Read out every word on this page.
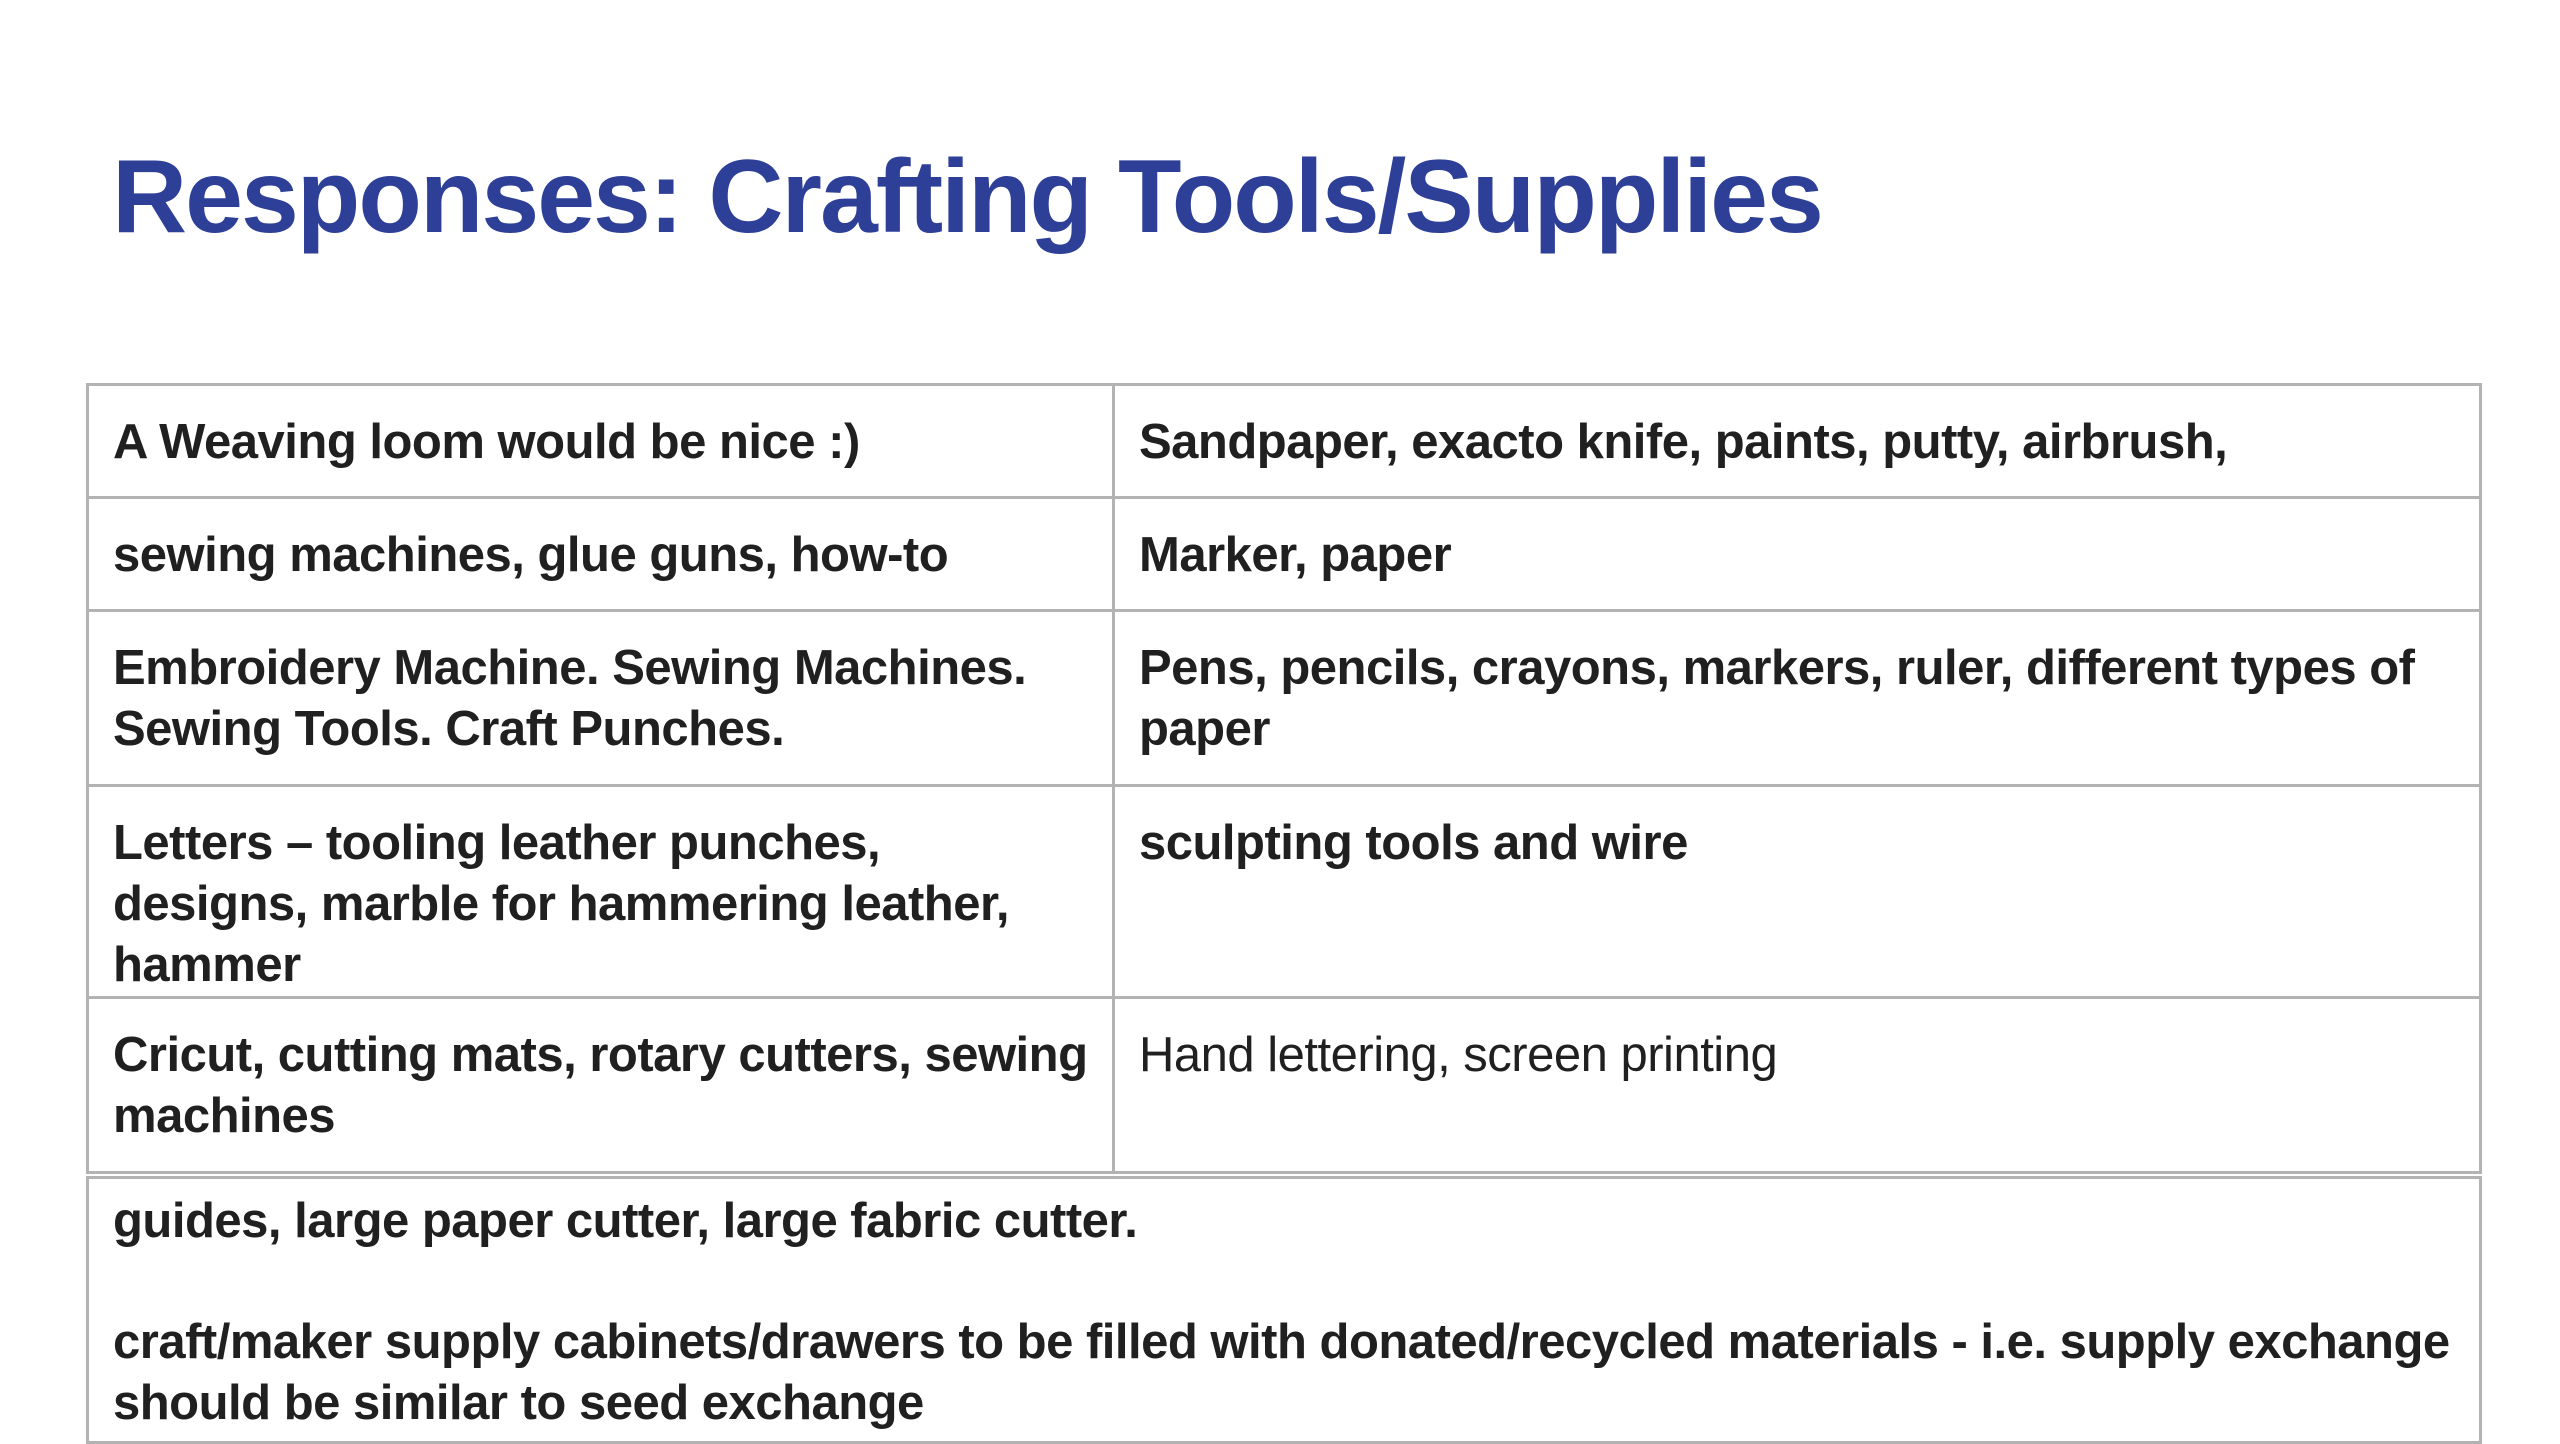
Responses: Crafting Tools/Supplies
A Weaving loom would be nice :)	Sandpaper, exacto knife, paints, putty, airbrush,
sewing machines, glue guns, how-to	Marker, paper
Embroidery Machine. Sewing Machines. Sewing Tools. Craft Punches.	Pens, pencils, crayons, markers, ruler, different types of paper
Letters – tooling leather punches, designs, marble for hammering leather, hammer	sculpting tools and wire
Cricut, cutting mats, rotary cutters, sewing machines	Hand lettering, screen printing

guides, large paper cutter, large fabric cutter.
craft/maker supply cabinets/drawers to be filled with donated/recycled materials - i.e. supply exchange should be similar to seed exchange	
